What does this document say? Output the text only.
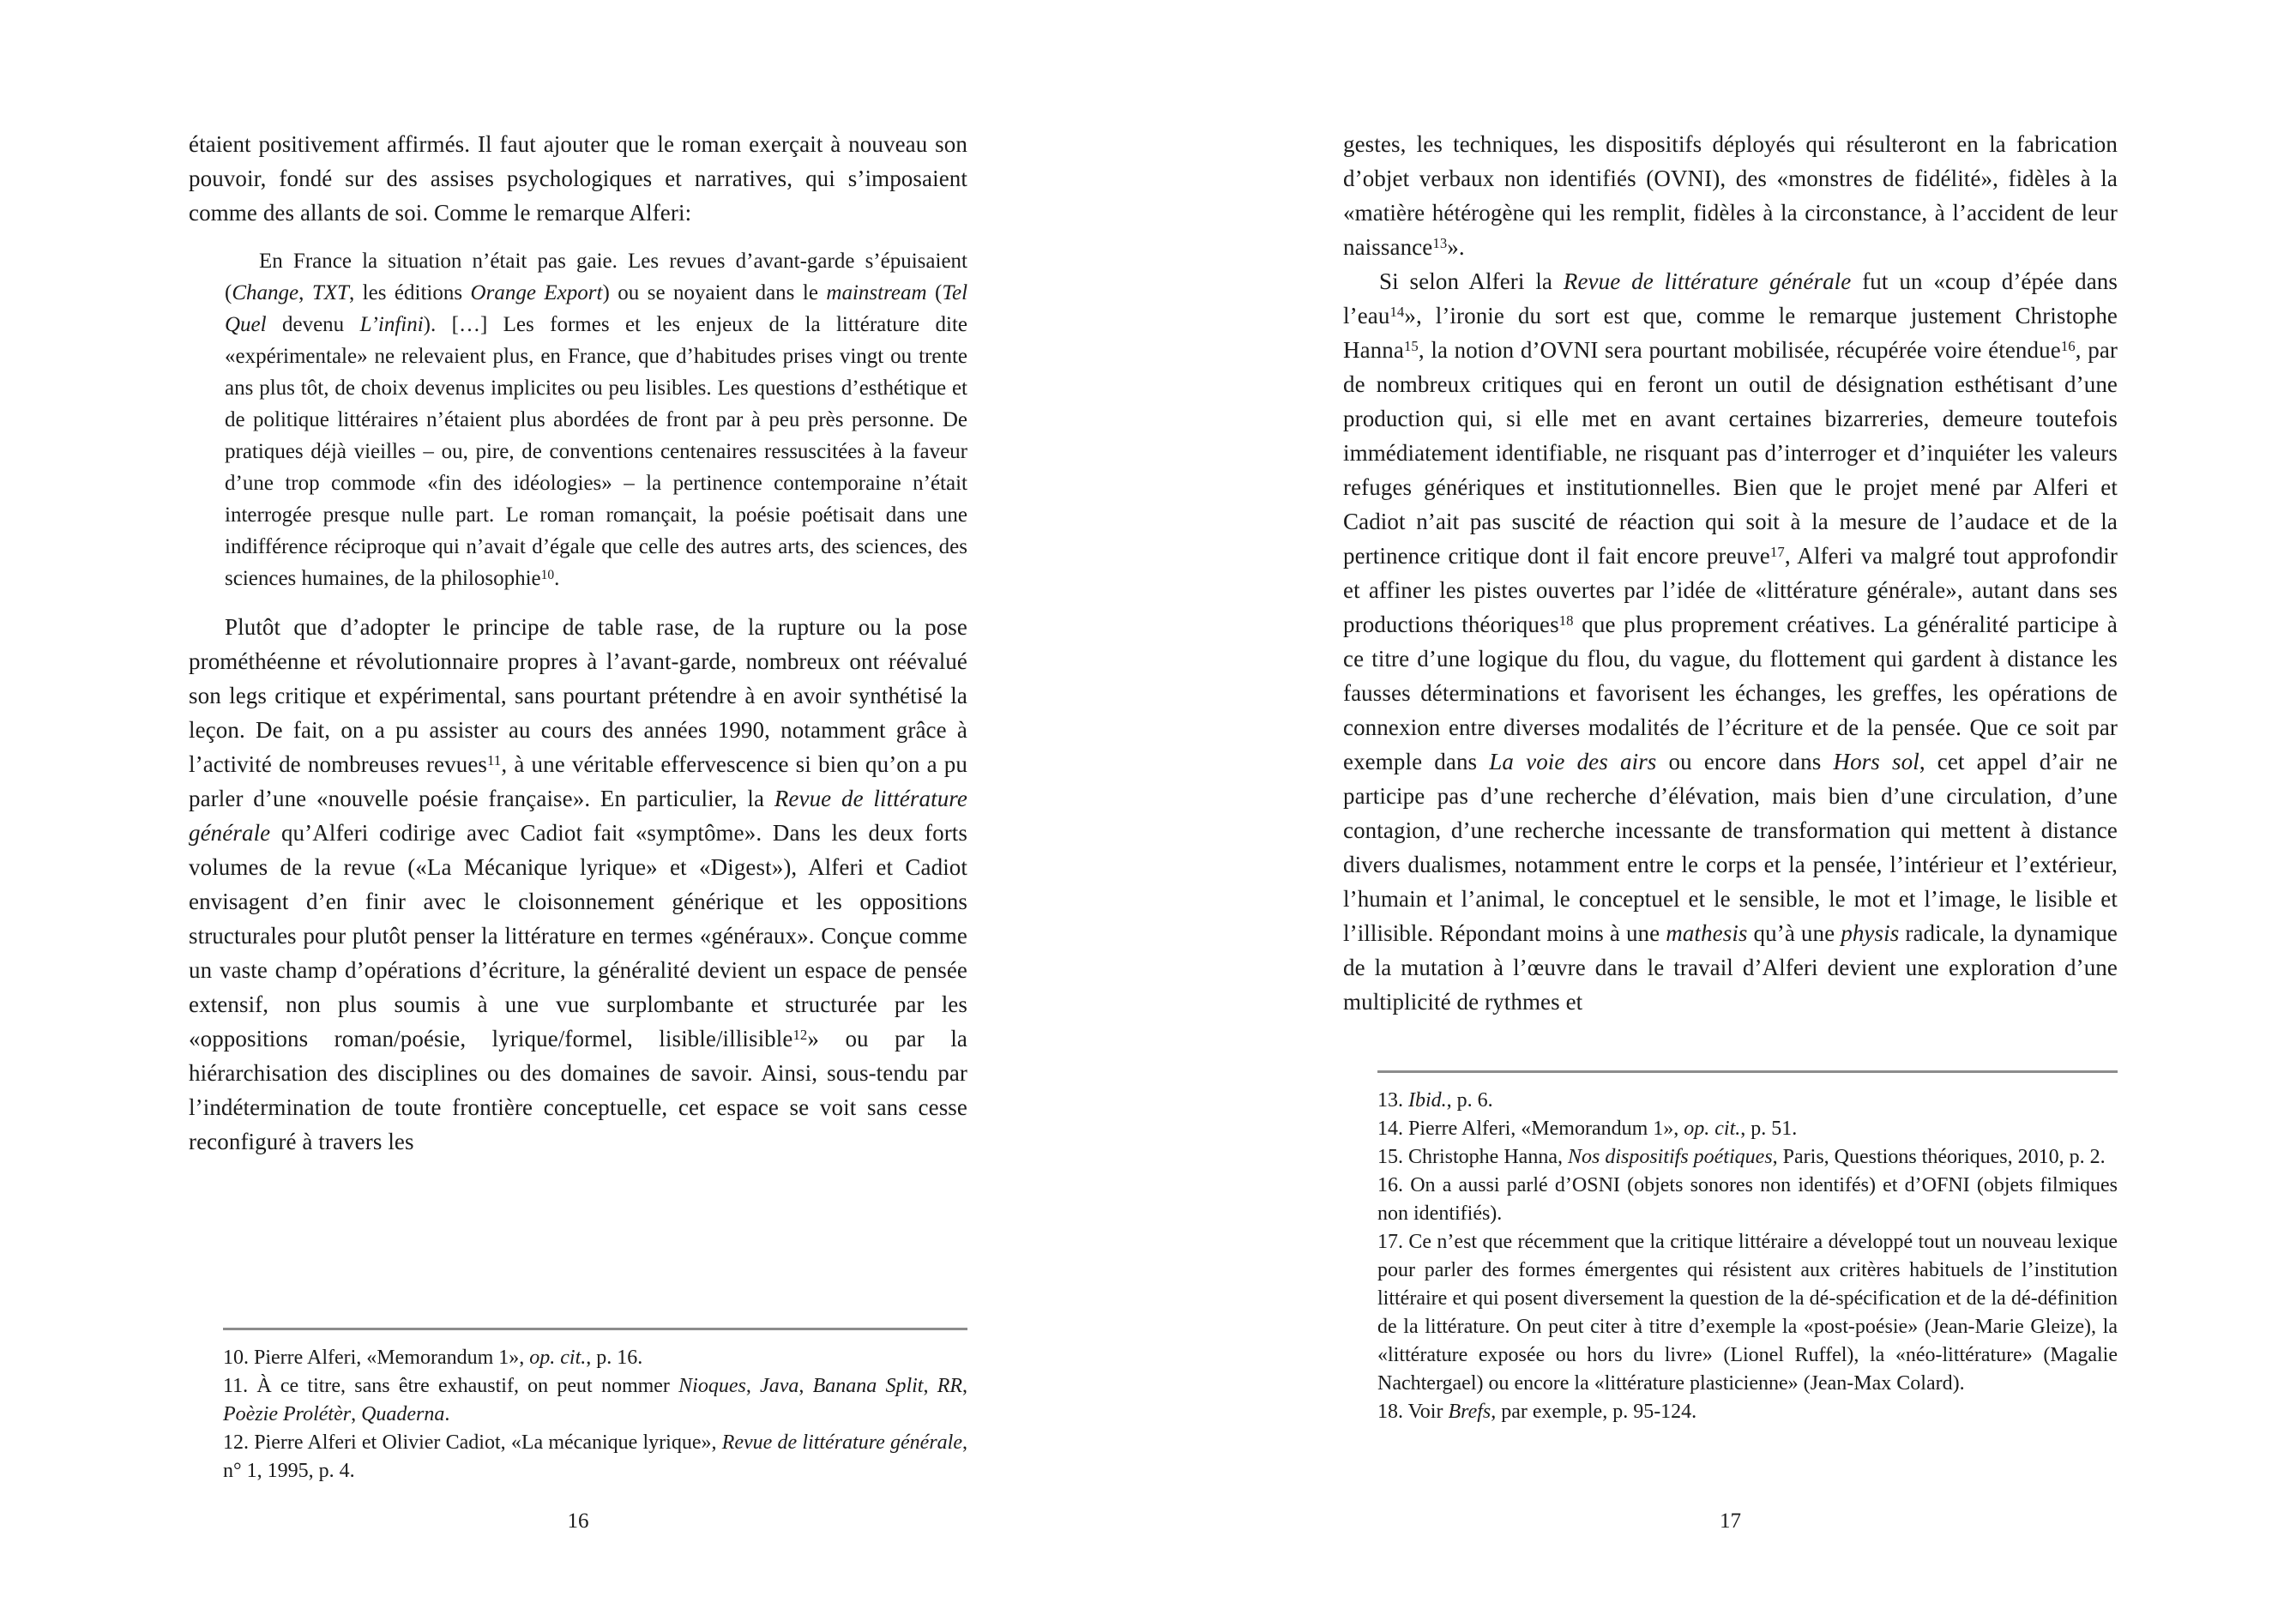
étaient positivement affirmés. Il faut ajouter que le roman exerçait à nouveau son pouvoir, fondé sur des assises psychologiques et narratives, qui s’imposaient comme des allants de soi. Comme le remarque Alferi:

En France la situation n’était pas gaie. Les revues d’avant-garde s’épuisaient (Change, TXT, les éditions Orange Export) ou se noyaient dans le mainstream (Tel Quel devenu L’infini). […] Les formes et les enjeux de la littérature dite «expérimentale» ne relevaient plus, en France, que d’habitudes prises vingt ou trente ans plus tôt, de choix devenus implicites ou peu lisibles. Les questions d’esthétique et de politique littéraires n’étaient plus abordées de front par à peu près personne. De pratiques déjà vieilles – ou, pire, de conventions centenaires ressuscitées à la faveur d’une trop commode «fin des idéologies» – la pertinence contemporaine n’était interrogée presque nulle part. Le roman romançait, la poésie poétisait dans une indifférence réciproque qui n’avait d’égale que celle des autres arts, des sciences, des sciences humaines, de la philosophie$^{10}$.

Plutôt que d’adopter le principe de table rase, de la rupture ou la pose prométhéenne et révolutionnaire propres à l’avant-garde, nombreux ont réévalué son legs critique et expérimental, sans pourtant prétendre à en avoir synthétisé la leçon. De fait, on a pu assister au cours des années 1990, notamment grâce à l’activité de nombreuses revues$^{11}$, à une véritable effervescence si bien qu’on a pu parler d’une «nouvelle poésie française». En particulier, la Revue de littérature générale qu’Alferi codirige avec Cadiot fait «symptôme». Dans les deux forts volumes de la revue («La Mécanique lyrique» et «Digest»), Alferi et Cadiot envisagent d’en finir avec le cloisonnement générique et les oppositions structurales pour plutôt penser la littérature en termes «généraux». Conçue comme un vaste champ d’opérations d’écriture, la généralité devient un espace de pensée extensif, non plus soumis à une vue surplombante et structurée par les «oppositions roman/poésie, lyrique/formel, lisible/illisible$^{12}$» ou par la hiérarchisation des disciplines ou des domaines de savoir. Ainsi, sous-tendu par l’indétermination de toute frontière conceptuelle, cet espace se voit sans cesse reconfiguré à travers les

10. Pierre Alferi, «Memorandum 1», op. cit., p. 16.

11. À ce titre, sans être exhaustif, on peut nommer Nioques, Java, Banana Split, RR, Poèzie Prolétèr, Quaderna.

12. Pierre Alferi et Olivier Cadiot, «La mécanique lyrique», Revue de littérature générale, n° 1, 1995, p. 4.

16

gestes, les techniques, les dispositifs déployés qui résulteront en la fabrication d’objet verbaux non identifiés (OVNI), des «monstres de fidélité», fidèles à la «matière hétérogène qui les remplit, fidèles à la circonstance, à l’accident de leur naissance$^{13}$».

Si selon Alferi la Revue de littérature générale fut un «coup d’épée dans l’eau$^{14}$», l’ironie du sort est que, comme le remarque justement Christophe Hanna$^{15}$, la notion d’OVNI sera pourtant mobilisée, récupérée voire étendue$^{16}$, par de nombreux critiques qui en feront un outil de désignation esthétisant d’une production qui, si elle met en avant certaines bizarreries, demeure toutefois immédiatement identifiable, ne risquant pas d’interroger et d’inquiéter les valeurs refuges génériques et institutionnelles. Bien que le projet mené par Alferi et Cadiot n’ait pas suscité de réaction qui soit à la mesure de l’audace et de la pertinence critique dont il fait encore preuve$^{17}$, Alferi va malgré tout approfondir et affiner les pistes ouvertes par l’idée de «littérature générale», autant dans ses productions théoriques$^{18}$ que plus proprement créatives. La généralité participe à ce titre d’une logique du flou, du vague, du flottement qui gardent à distance les fausses déterminations et favorisent les échanges, les greffes, les opérations de connexion entre diverses modalités de l’écriture et de la pensée. Que ce soit par exemple dans La voie des airs ou encore dans Hors sol, cet appel d’air ne participe pas d’une recherche d’élévation, mais bien d’une circulation, d’une contagion, d’une recherche incessante de transformation qui mettent à distance divers dualismes, notamment entre le corps et la pensée, l’intérieur et l’extérieur, l’humain et l’animal, le conceptuel et le sensible, le mot et l’image, le lisible et l’illisible. Répondant moins à une mathesis qu’à une physis radicale, la dynamique de la mutation à l’œuvre dans le travail d’Alferi devient une exploration d’une multiplicité de rythmes et

13. Ibid., p. 6.

14. Pierre Alferi, «Memorandum 1», op. cit., p. 51.

15. Christophe Hanna, Nos dispositifs poétiques, Paris, Questions théoriques, 2010, p. 2.

16. On a aussi parlé d’OSNI (objets sonores non identifés) et d’OFNI (objets filmiques non identifiés).

17. Ce n’est que récemment que la critique littéraire a développé tout un nouveau lexique pour parler des formes émergentes qui résistent aux critères habituels de l’institution littéraire et qui posent diversement la question de la dé-spécification et de la dé-définition de la littérature. On peut citer à titre d’exemple la «post-poésie» (Jean-Marie Gleize), la «littérature exposée ou hors du livre» (Lionel Ruffel), la «néo-littérature» (Magalie Nachtergael) ou encore la «littérature plasticienne» (Jean-Max Colard).

18. Voir Brefs, par exemple, p. 95-124.

17
